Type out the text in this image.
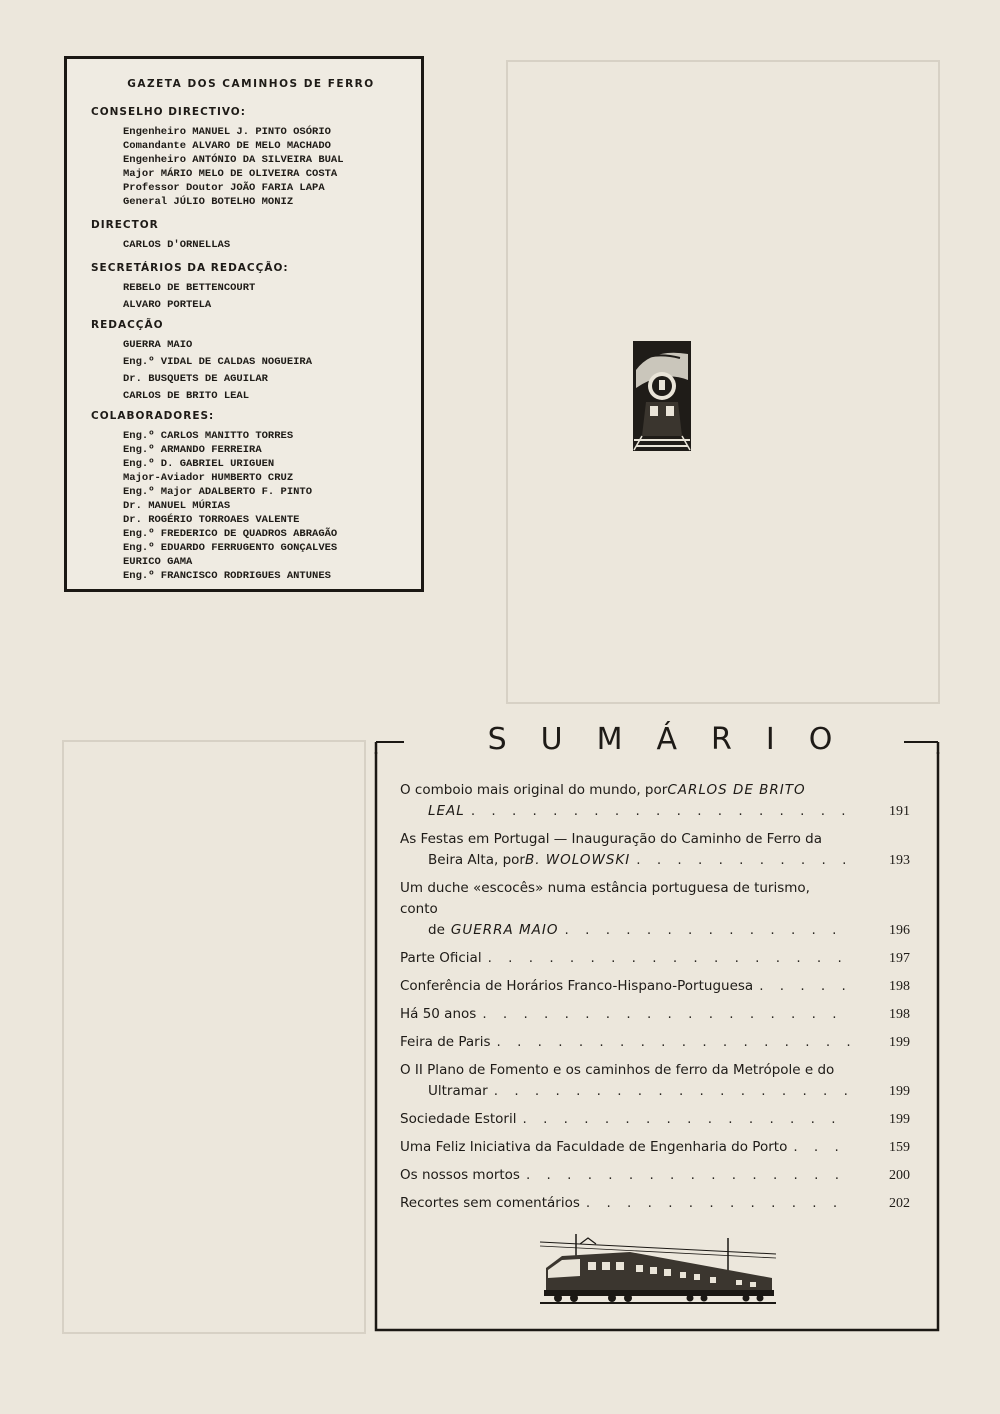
GAZETA DOS CAMINHOS DE FERRO
CONSELHO DIRECTIVO:
Engenheiro MANUEL J. PINTO OSÓRIO
Comandante ALVARO DE MELO MACHADO
Engenheiro ANTÓNIO DA SILVEIRA BUAL
Major MÁRIO MELO DE OLIVEIRA COSTA
Professor Doutor JOÃO FARIA LAPA
General JÚLIO BOTELHO MONIZ
DIRECTOR
CARLOS D'ORNELLAS
SECRETÁRIOS DA REDACÇÃO:
REBELO DE BETTENCOURT
ALVARO PORTELA
REDACÇÃO
GUERRA MAIO
Eng.º VIDAL DE CALDAS NOGUEIRA
Dr. BUSQUETS DE AGUILAR
CARLOS DE BRITO LEAL
COLABORADORES:
Eng.º CARLOS MANITTO TORRES
Eng.º ARMANDO FERREIRA
Eng.º D. GABRIEL URIGUEN
Major-Aviador HUMBERTO CRUZ
Eng.º Major ADALBERTO F. PINTO
Dr. MANUEL MÚRIAS
Dr. ROGÉRIO TORROAES VALENTE
Eng.º FREDERICO DE QUADROS ABRAGÃO
Eng.º EDUARDO FERRUGENTO GONÇALVES
EURICO GAMA
Eng.º FRANCISCO RODRIGUES ANTUNES
SUMÁRIO
O comboio mais original do mundo, por CARLOS DE BRITO
LEAL . . .	191
As Festas em Portugal — Inauguração do Caminho de Ferro da
Beira Alta, por B. WOLOWSKI . . .	193
Um duche «escocês» numa estância portuguesa de turismo, conto
de GUERRA MAIO . . .	196
Parte Oficial . . .	197
Conferência de Horários Franco-Hispano-Portuguesa . . .	198
Há 50 anos . . .	198
Feira de Paris . . .	199
O II Plano de Fomento e os caminhos de ferro da Metrópole e do
Ultramar . . .	199
Sociedade Estoril . . .	199
Uma Feliz Iniciativa da Faculdade de Engenharia do Porto . . .	159
Os nossos mortos . . .	200
Recortes sem comentários . . .	202
